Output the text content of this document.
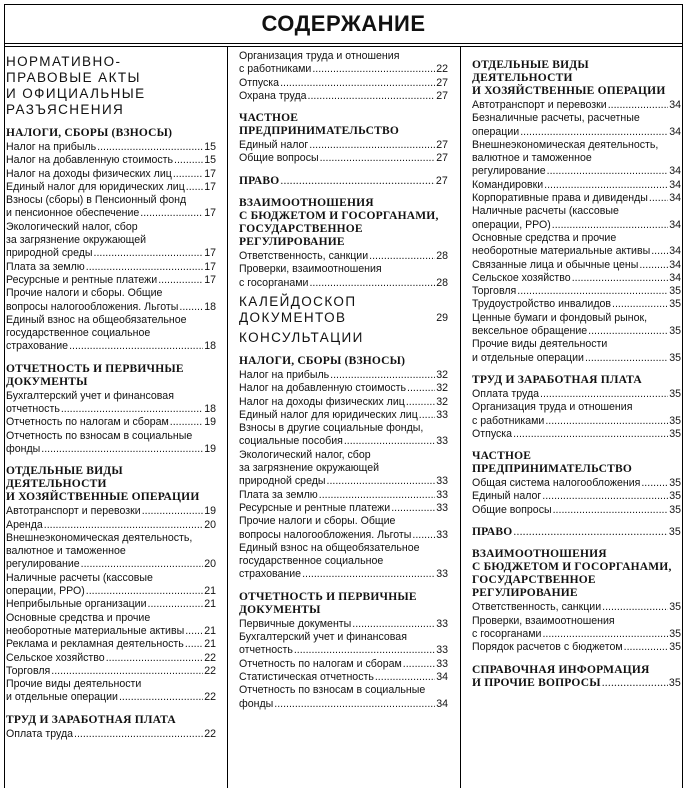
СОДЕРЖАНИЕ
НОРМАТИВНО-
ПРАВОВЫЕ АКТЫ
И ОФИЦИАЛЬНЫЕ
РАЗЪЯСНЕНИЯ
НАЛОГИ, СБОРЫ (ВЗНОСЫ)
Налог на прибыль .....	15
Налог на добавленную стоимость .....	15
Налог на доходы физических лиц .....	17
Единый налог для юридических лиц ..... 17
Взносы (сборы) в Пенсионный фонд
и пенсионное обеспечение .....	17
Экологический налог, сбор
за загрязнение окружающей
природной среды .....	17
Плата за землю .....	17
Ресурсные и рентные платежи .....	17
Прочие налоги и сборы. Общие
вопросы налогообложения. Льготы ..... 18
Единый взнос на общеобязательное
государственное социальное
страхование .....	18
ОТЧЕТНОСТЬ И ПЕРВИЧНЫЕ
ДОКУМЕНТЫ
Бухгалтерский учет и финансовая
отчетность .....	18
Отчетность по налогам и сборам .....	19
Отчетность по взносам в социальные
фонды .....	19
ОТДЕЛЬНЫЕ ВИДЫ
ДЕЯТЕЛЬНОСТИ
И ХОЗЯЙСТВЕННЫЕ ОПЕРАЦИИ
Автотранспорт и перевозки .....	19
Аренда .....	20
Внешнеэкономическая деятельность,
валютное и таможенное
регулирование .....	20
Наличные расчеты (кассовые
операции, РРО) .....	21
Неприбыльные организации .....	21
Основные средства и прочие
необоротные материальные активы ..... 21
Реклама и рекламная деятельность ..... 21
Сельское хозяйство .....	22
Торговля .....	22
Прочие виды деятельности
и отдельные операции .....	22
ТРУД И ЗАРАБОТНАЯ ПЛАТА
Оплата труда .....	22
Организация труда и отношения
с работниками .....	22
Отпуска .....	27
Охрана труда .....	27
ЧАСТНОЕ
ПРЕДПРИНИМАТЕЛЬСТВО
Единый налог .....	27
Общие вопросы .....	27
ПРАВО .....	27
ВЗАИМООТНОШЕНИЯ
С БЮДЖЕТОМ И ГОСОРГАНАМИ,
ГОСУДАРСТВЕННОЕ
РЕГУЛИРОВАНИЕ
Ответственность, санкции .....	28
Проверки, взаимоотношения
с госорганами .....	28
КАЛЕЙДОСКОП
ДОКУМЕНТОВ	29
КОНСУЛЬТАЦИИ
НАЛОГИ, СБОРЫ (ВЗНОСЫ)
Налог на прибыль .....	32
Налог на добавленную стоимость .....	32
Налог на доходы физических лиц .....	32
Единый налог для юридических лиц ..... 33
Взносы в другие социальные фонды,
социальные пособия .....	33
Экологический налог, сбор
за загрязнение окружающей
природной среды .....	33
Плата за землю .....	33
Ресурсные и рентные платежи .....	33
Прочие налоги и сборы. Общие
вопросы налогообложения. Льготы ..... 33
Единый взнос на общеобязательное
государственное социальное
страхование .....	33
ОТЧЕТНОСТЬ И ПЕРВИЧНЫЕ
ДОКУМЕНТЫ
Первичные документы .....	33
Бухгалтерский учет и финансовая
отчетность .....	33
Отчетность по налогам и сборам .....	33
Статистическая отчетность .....	34
Отчетность по взносам в социальные
фонды .....	34
ОТДЕЛЬНЫЕ ВИДЫ
ДЕЯТЕЛЬНОСТИ
И ХОЗЯЙСТВЕННЫЕ ОПЕРАЦИИ
Автотранспорт и перевозки .....	34
Безналичные расчеты, расчетные
операции .....	34
Внешнеэкономическая деятельность,
валютное и таможенное
регулирование .....	34
Командировки .....	34
Корпоративные права и дивиденды ..... 34
Наличные расчеты (кассовые
операции, РРО) .....	34
Основные средства и прочие
необоротные материальные активы ..... 34
Связанные лица и обычные цены .....	34
Сельское хозяйство .....	34
Торговля .....	35
Трудоустройство инвалидов .....	35
Ценные бумаги и фондовый рынок,
вексельное обращение .....	35
Прочие виды деятельности
и отдельные операции .....	35
ТРУД И ЗАРАБОТНАЯ ПЛАТА
Оплата труда .....	35
Организация труда и отношения
с работниками .....	35
Отпуска .....	35
ЧАСТНОЕ
ПРЕДПРИНИМАТЕЛЬСТВО
Общая система налогообложения .....	35
Единый налог .....	35
Общие вопросы .....	35
ПРАВО .....	35
ВЗАИМООТНОШЕНИЯ
С БЮДЖЕТОМ И ГОСОРГАНАМИ,
ГОСУДАРСТВЕННОЕ
РЕГУЛИРОВАНИЕ
Ответственность, санкции .....	35
Проверки, взаимоотношения
с госорганами .....	35
Порядок расчетов с бюджетом .....	35
СПРАВОЧНАЯ ИНФОРМАЦИЯ
И ПРОЧИЕ ВОПРОСЫ .....	35
